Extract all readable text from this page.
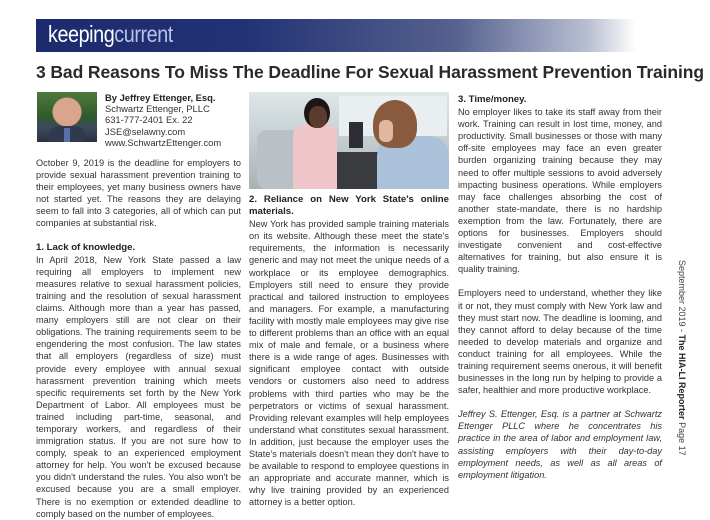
keepingcurrent
3 Bad Reasons To Miss The Deadline For Sexual Harassment Prevention Training
By Jeffrey Ettenger, Esq.
Schwartz Ettenger, PLLC
631-777-2401 Ex. 22
JSE@selawny.com
www.SchwartzEttenger.com

October 9, 2019 is the deadline for employers to provide sexual harassment prevention training to their employees, yet many business owners have not started yet. The reasons they are delaying seem to fall into 3 categories, all of which can put companies at substantial risk.

1. Lack of knowledge.

In April 2018, New York State passed a law requiring all employers to implement new measures relative to sexual harassment policies, training and the resolution of sexual harassment claims. Although more than a year has passed, many employers still are not clear on their obligations. The training requirements seem to be engendering the most confusion. The law states that all employers (regardless of size) must provide every employee with annual sexual harassment prevention training which meets specific requirements set forth by the New York Department of Labor. All employees must be trained including part-time, seasonal, and temporary workers, and regardless of their immigration status. If you are not sure how to comply, speak to an experienced employment attorney for help. You won't be excused because you didn't understand the rules. You also won't be excused because you are a small employer. There is no exemption or extended deadline to comply based on the number of employees.

2. Reliance on New York State's online materials.

New York has provided sample training materials on its website. Although these meet the state's requirements, the information is necessarily generic and may not meet the unique needs of a workplace or its employee demographics. Employers still need to ensure they provide practical and tailored instruction to employees and managers. For example, a manufacturing facility with mostly male employees may give rise to different problems than an office with an equal mix of male and female, or a business where there is a wide range of ages. Businesses with significant employee contact with outside vendors or customers also need to address problems with third parties who may be the perpetrators or victims of sexual harassment. Providing relevant examples will help employees understand what constitutes sexual harassment. In addition, just because the employer uses the State's materials doesn't mean they don't have to be available to respond to employee questions in an appropriate and accurate manner, which is why live training provided by an experienced attorney is a better option.

3. Time/money.

No employer likes to take its staff away from their work. Training can result in lost time, money, and productivity. Small businesses or those with many off-site employees may face an even greater burden organizing training because they may need to offer multiple sessions to avoid adversely impacting business operations. While employers may face challenges absorbing the cost of another state-mandate, there is no hardship exemption from the law. Fortunately, there are options for businesses. Employers should investigate convenient and cost-effective alternatives for training, but also ensure it is quality training.

Employers need to understand, whether they like it or not, they must comply with New York law and they must start now. The deadline is looming, and they cannot afford to delay because of the time needed to develop materials and organize and conduct training for all employees. While the training requirement seems onerous, it will benefit businesses in the long run by helping to provide a safer, healthier and more productive workplace.

Jeffrey S. Ettenger, Esq. is a partner at Schwartz Ettenger PLLC where he concentrates his practice in the area of labor and employment law, assisting employers with their day-to-day employment needs, as well as all areas of employment litigation.

September 2019 - The HIA-LI Reporter Page 17
